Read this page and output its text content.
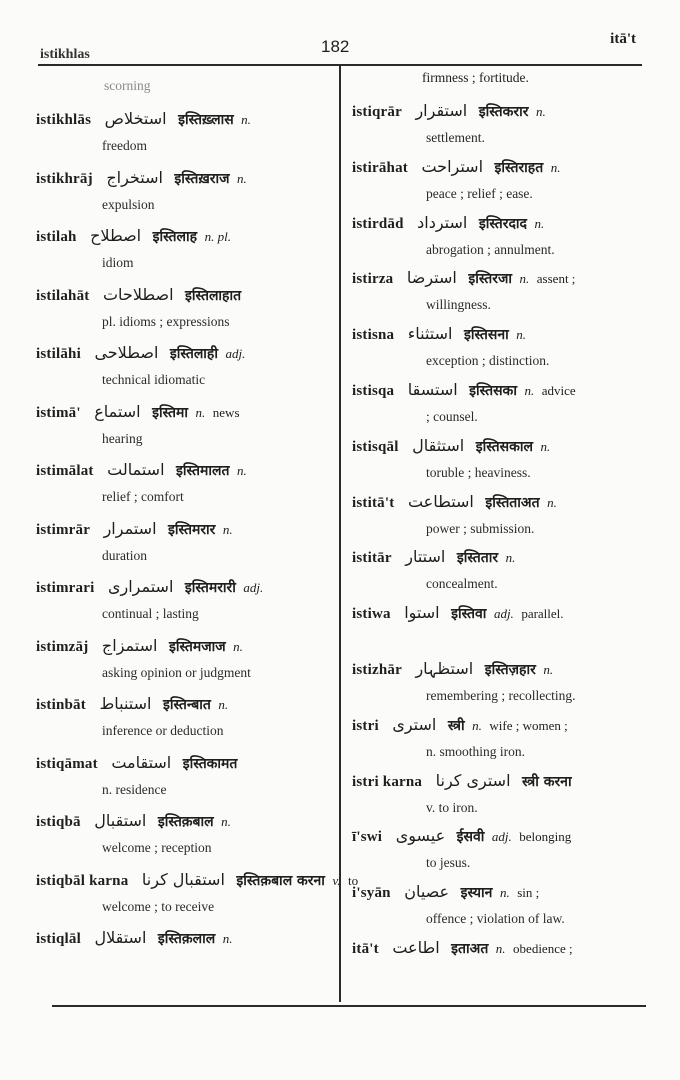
istikhlas	182	itā't
scorning
istikhlās استخلاص इस्तिख़्लास n.
freedom
istikhrāj استخراج इस्तिख़राज n.
expulsion
istilah اصطلاح इस्तिलाह n. pl.
idiom
istilahāt اصطلاحات इस्तिलाहात
pl. idioms ; expressions
istilāhi اصطلاحی इस्तिलाही adj.
technical idiomatic
istimā' استماع इस्तिमा n. news
hearing
istimālat استمالت इस्तिमालत n.
relief ; comfort
istimrār استمرار इस्तिमरार n.
duration
istimrari استمراری इस्तिमरारी adj.
continual ; lasting
istimzāj استمزاج इस्तिमजाज n.
asking opinion or judgment
istinbāt استنباط इस्तिन्बात n.
inference or deduction
istiqāmat استقامت इस्तिकामत
n. residence
istiqbā استقبال इस्तिक़बाल n.
welcome ; reception
istiqbāl karna استقبال کرنا इस्तिक़बाल करना v. to
welcome ; to receive
istiqlāl استقلال इस्तिक़लाल n.
firmness ; fortitude.
istiqrār استقرار इस्तिकरार n.
settlement.
istirāhat استراحت इस्तिराहत n.
peace ; relief ; ease.
istirdād استرداد इस्तिरदाद n.
abrogation ; annulment.
istirza استرضا इस्तिरजा n. assent ;
willingness.
istisna استثناء इस्तिसना n.
exception ; distinction.
istisqa استسقا इस्तिसका n. advice
; counsel.
istisqāl استثقال इस्तिसकाल n.
toruble ; heaviness.
istitā't استطاعت इस्तिताअत n.
power ; submission.
istitār استتار इस्तितार n.
concealment.
istiwa استوا इस्तिवा adj. parallel.
istizhār استظہار इस्तिज़हार n.
remembering ; recollecting.
istri استری स्त्री n. wife ; women ;
n. smoothing iron.
istri karna استری کرنا स्त्री करना
v. to iron.
ī'swi عیسوی ईसवी adj. belonging
to jesus.
i'syān عصیان इस्यान n. sin ;
offence ; violation of law.
itā't اطاعت इताअत n. obedience ;
